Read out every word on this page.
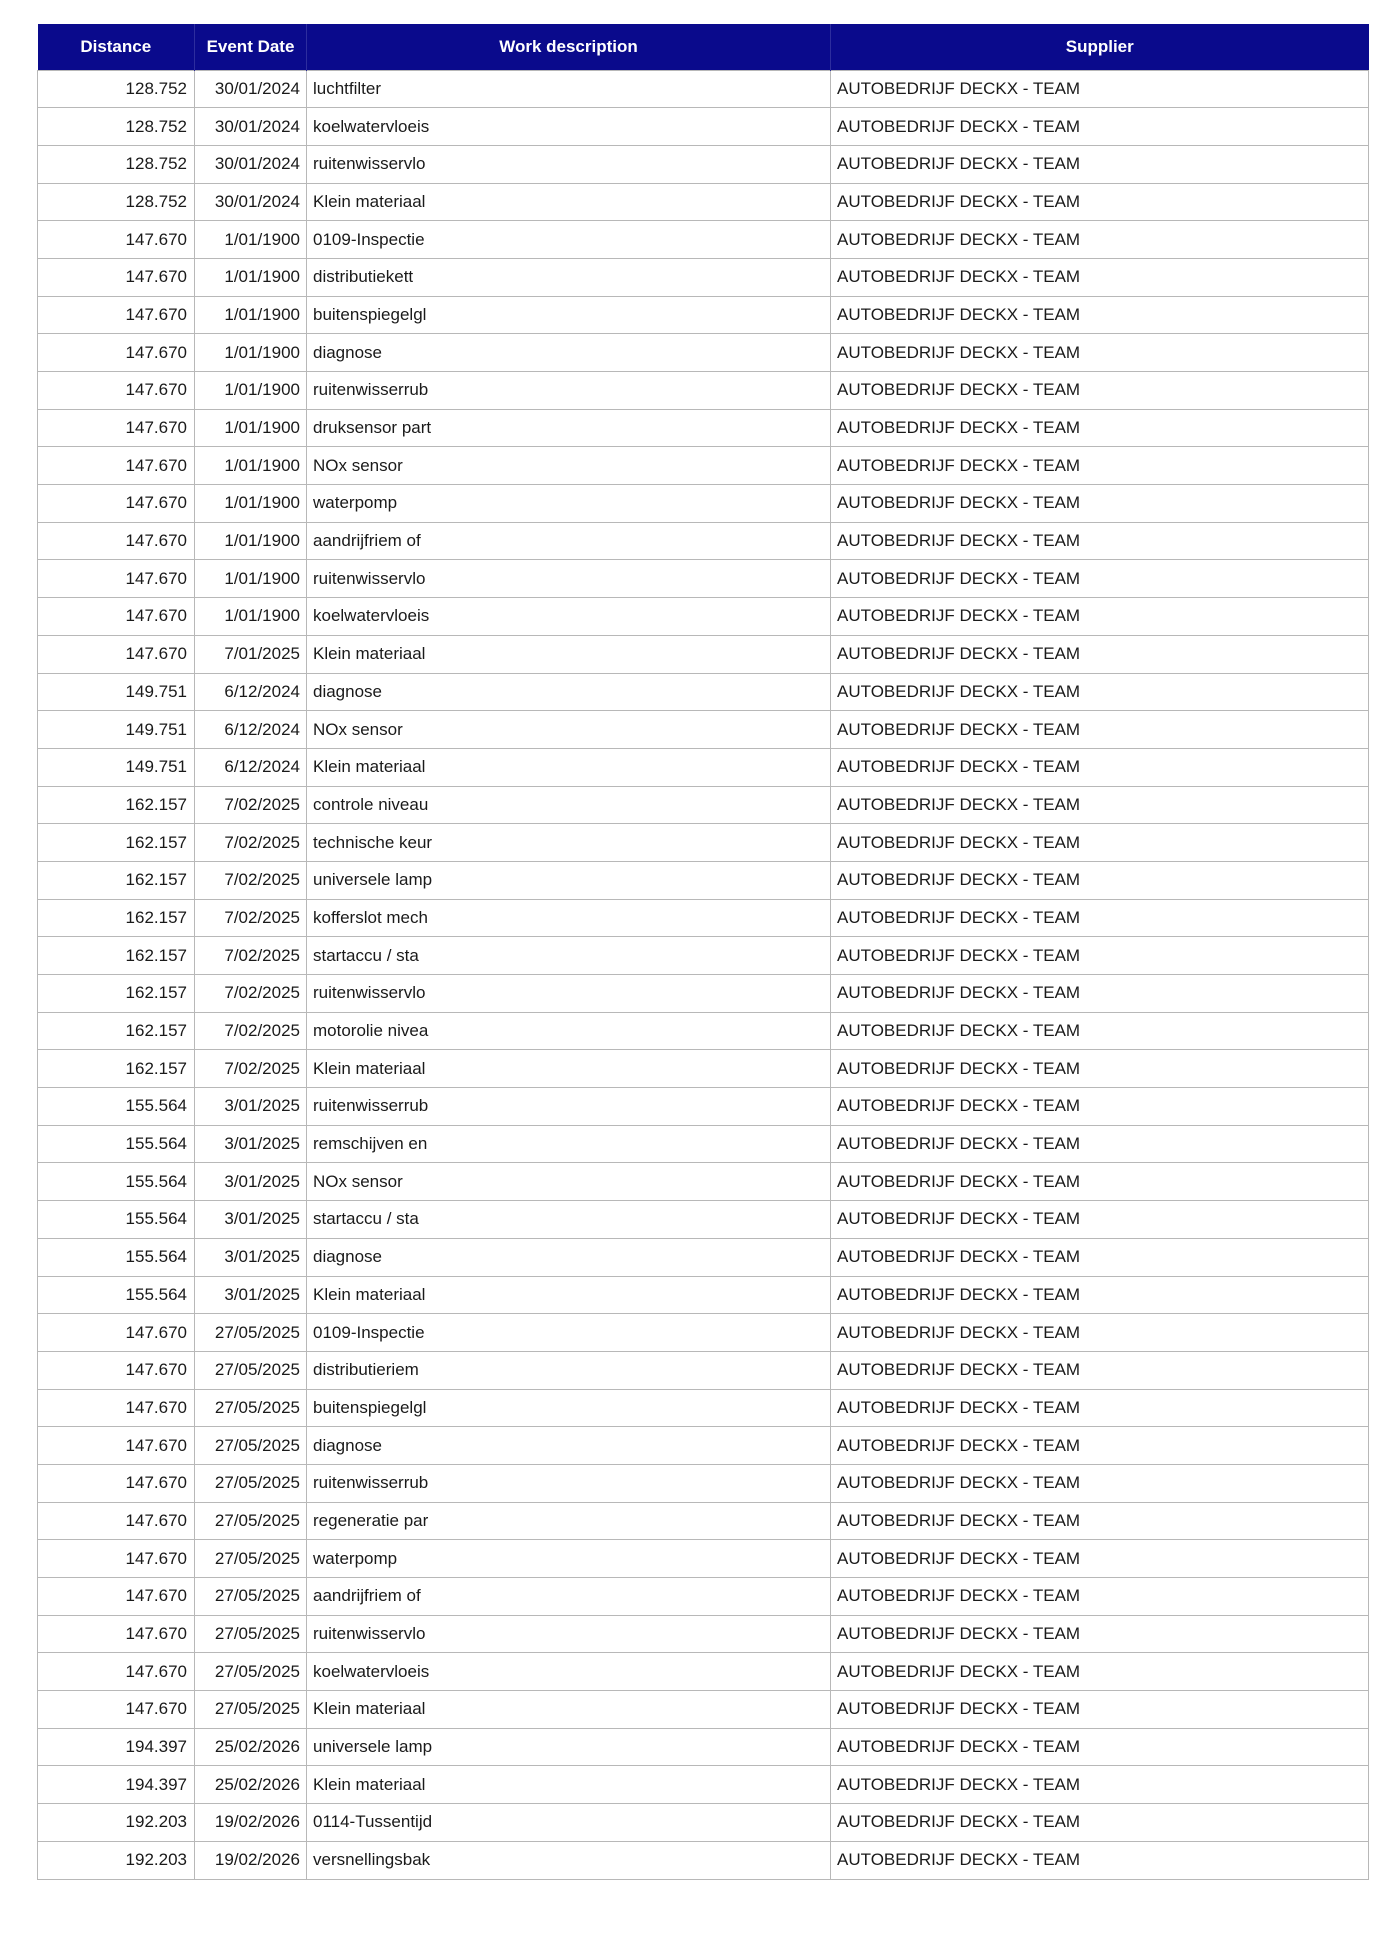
Distance	Event Date	Work description	Supplier
128.752	30/01/2024	luchtfilter	AUTOBEDRIJF DECKX - TEAM
128.752	30/01/2024	koelwatervloeis	AUTOBEDRIJF DECKX - TEAM
128.752	30/01/2024	ruitenwisservlo	AUTOBEDRIJF DECKX - TEAM
128.752	30/01/2024	Klein materiaal	AUTOBEDRIJF DECKX - TEAM
147.670	1/01/1900	0109-Inspectie	AUTOBEDRIJF DECKX - TEAM
147.670	1/01/1900	distributiekett	AUTOBEDRIJF DECKX - TEAM
147.670	1/01/1900	buitenspiegelgl	AUTOBEDRIJF DECKX - TEAM
147.670	1/01/1900	diagnose	AUTOBEDRIJF DECKX - TEAM
147.670	1/01/1900	ruitenwisserrub	AUTOBEDRIJF DECKX - TEAM
147.670	1/01/1900	druksensor part	AUTOBEDRIJF DECKX - TEAM
147.670	1/01/1900	NOx sensor	AUTOBEDRIJF DECKX - TEAM
147.670	1/01/1900	waterpomp	AUTOBEDRIJF DECKX - TEAM
147.670	1/01/1900	aandrijfriem of	AUTOBEDRIJF DECKX - TEAM
147.670	1/01/1900	ruitenwisservlo	AUTOBEDRIJF DECKX - TEAM
147.670	1/01/1900	koelwatervloeis	AUTOBEDRIJF DECKX - TEAM
147.670	7/01/2025	Klein materiaal	AUTOBEDRIJF DECKX - TEAM
149.751	6/12/2024	diagnose	AUTOBEDRIJF DECKX - TEAM
149.751	6/12/2024	NOx sensor	AUTOBEDRIJF DECKX - TEAM
149.751	6/12/2024	Klein materiaal	AUTOBEDRIJF DECKX - TEAM
162.157	7/02/2025	controle niveau	AUTOBEDRIJF DECKX - TEAM
162.157	7/02/2025	technische keur	AUTOBEDRIJF DECKX - TEAM
162.157	7/02/2025	universele lamp	AUTOBEDRIJF DECKX - TEAM
162.157	7/02/2025	kofferslot mech	AUTOBEDRIJF DECKX - TEAM
162.157	7/02/2025	startaccu / sta	AUTOBEDRIJF DECKX - TEAM
162.157	7/02/2025	ruitenwisservlo	AUTOBEDRIJF DECKX - TEAM
162.157	7/02/2025	motorolie nivea	AUTOBEDRIJF DECKX - TEAM
162.157	7/02/2025	Klein materiaal	AUTOBEDRIJF DECKX - TEAM
155.564	3/01/2025	ruitenwisserrub	AUTOBEDRIJF DECKX - TEAM
155.564	3/01/2025	remschijven en	AUTOBEDRIJF DECKX - TEAM
155.564	3/01/2025	NOx sensor	AUTOBEDRIJF DECKX - TEAM
155.564	3/01/2025	startaccu / sta	AUTOBEDRIJF DECKX - TEAM
155.564	3/01/2025	diagnose	AUTOBEDRIJF DECKX - TEAM
155.564	3/01/2025	Klein materiaal	AUTOBEDRIJF DECKX - TEAM
147.670	27/05/2025	0109-Inspectie	AUTOBEDRIJF DECKX - TEAM
147.670	27/05/2025	distributieriem	AUTOBEDRIJF DECKX - TEAM
147.670	27/05/2025	buitenspiegelgl	AUTOBEDRIJF DECKX - TEAM
147.670	27/05/2025	diagnose	AUTOBEDRIJF DECKX - TEAM
147.670	27/05/2025	ruitenwisserrub	AUTOBEDRIJF DECKX - TEAM
147.670	27/05/2025	regeneratie par	AUTOBEDRIJF DECKX - TEAM
147.670	27/05/2025	waterpomp	AUTOBEDRIJF DECKX - TEAM
147.670	27/05/2025	aandrijfriem of	AUTOBEDRIJF DECKX - TEAM
147.670	27/05/2025	ruitenwisservlo	AUTOBEDRIJF DECKX - TEAM
147.670	27/05/2025	koelwatervloeis	AUTOBEDRIJF DECKX - TEAM
147.670	27/05/2025	Klein materiaal	AUTOBEDRIJF DECKX - TEAM
194.397	25/02/2026	universele lamp	AUTOBEDRIJF DECKX - TEAM
194.397	25/02/2026	Klein materiaal	AUTOBEDRIJF DECKX - TEAM
192.203	19/02/2026	0114-Tussentijd	AUTOBEDRIJF DECKX - TEAM
192.203	19/02/2026	versnellingsbak	AUTOBEDRIJF DECKX - TEAM
